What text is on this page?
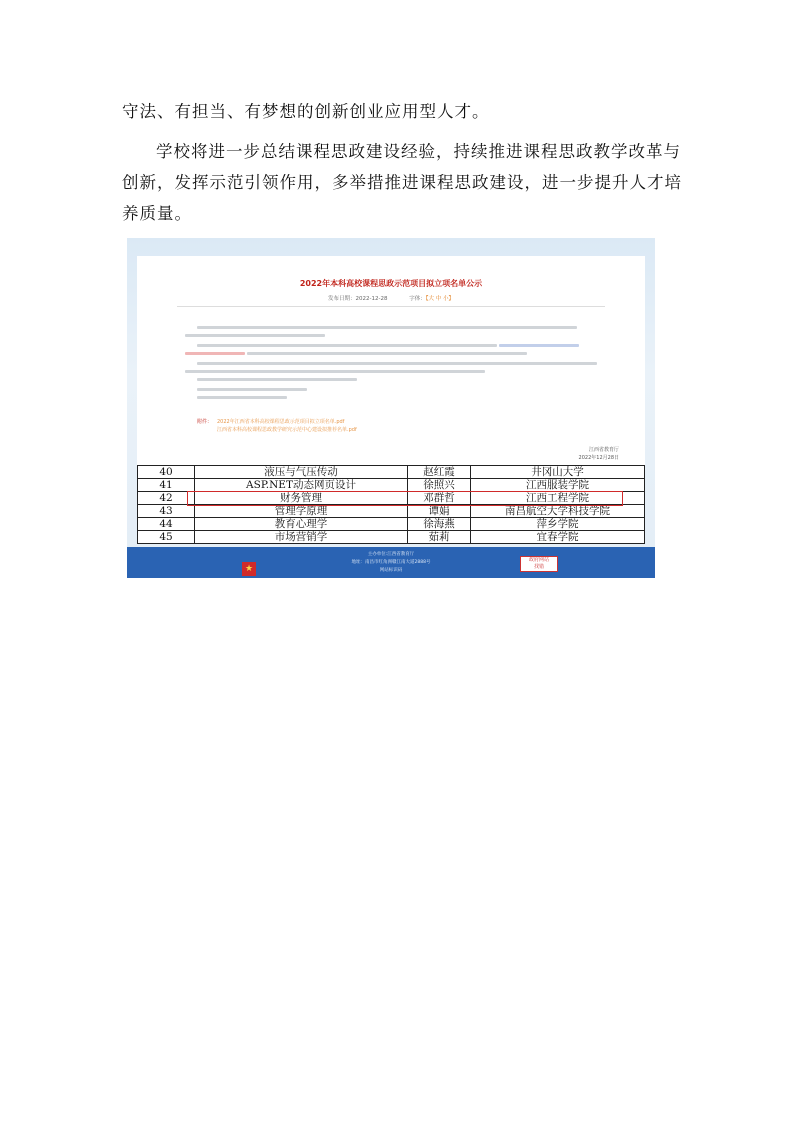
守法、有担当、有梦想的创新创业应用型人才。

学校将进一步总结课程思政建设经验，持续推进课程思政教学改革与创新，发挥示范引领作用，多举措推进课程思政建设，进一步提升人才培养质量。

2022年本科高校课程思政示范项目拟立项名单公示
发布日期：2022-12-28	字体：【大 中 小】
附件： 2022年江西省本科高校课程思政示范项目拟立项名单.pdf
江西省本科高校课程思政教学研究示范中心建设拟推荐名单.pdf
江西省教育厅
2022年12月28日
40	液压与气压传动	赵红霞	井冈山大学
41	ASP.NET动态网页设计	徐照兴	江西服装学院
42	财务管理	邓群哲	江西工程学院
43	管理学原理	谭娟	南昌航空大学科技学院
44	教育心理学	徐海燕	萍乡学院
45	市场营销学	茹莉	宜春学院
★
主办单位:江西省教育厅
地址：南昌市红角洲赣江南大道2888号
网站标识码
政府网站
找错
